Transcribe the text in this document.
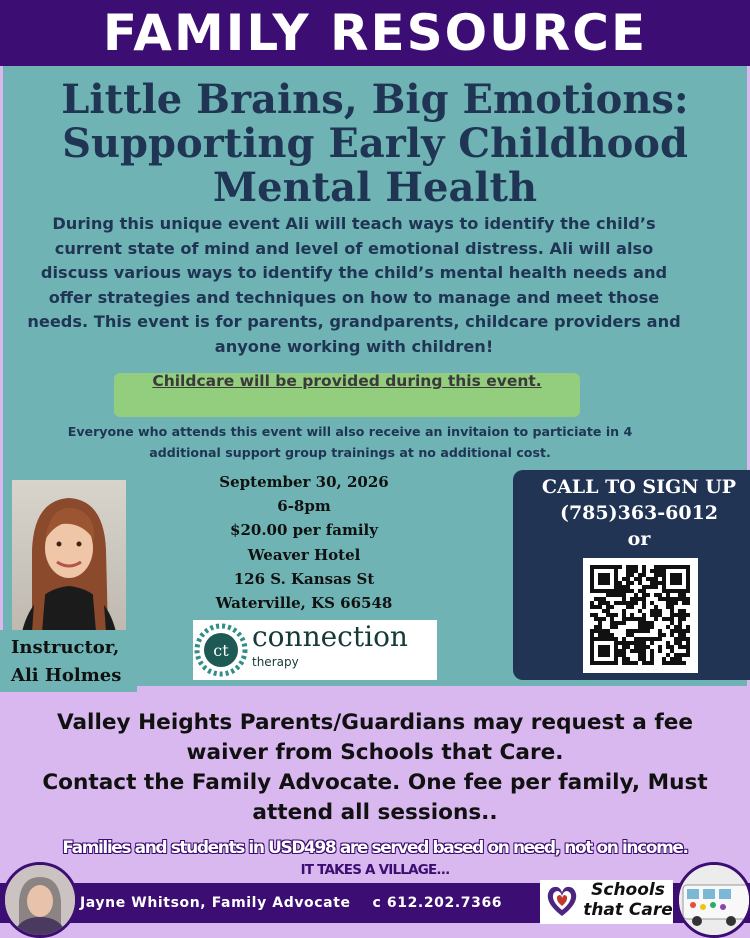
FAMILY RESOURCE
Little Brains, Big Emotions:
Supporting Early Childhood
Mental Health
During this unique event Ali will teach ways to identify the child’s
current state of mind and level of emotional distress. Ali will also
discuss various ways to identify the child’s mental health needs and
offer strategies and techniques on how to manage and meet those
needs. This event is for parents, grandparents, childcare providers and
anyone working with children!
Childcare will be provided during this event.
Everyone who attends this event will also receive an invitaion to particiate in 4
additional support group trainings at no additional cost.
Instructor,
Ali Holmes
September 30, 2026
6-8pm
$20.00 per family
Weaver Hotel
126 S. Kansas St
Waterville, KS 66548
ct connection
therapy
CALL TO SIGN UP
(785)363-6012
or
Valley Heights Parents/Guardians may request a fee
waiver from Schools that Care.
Contact the Family Advocate. One fee per family, Must
attend all sessions..
Families and students in USD498 are served based on need, not on income.
IT TAKES A VILLAGE...
Jayne Whitson, Family Advocate c 612.202.7366
Schools
that Care
